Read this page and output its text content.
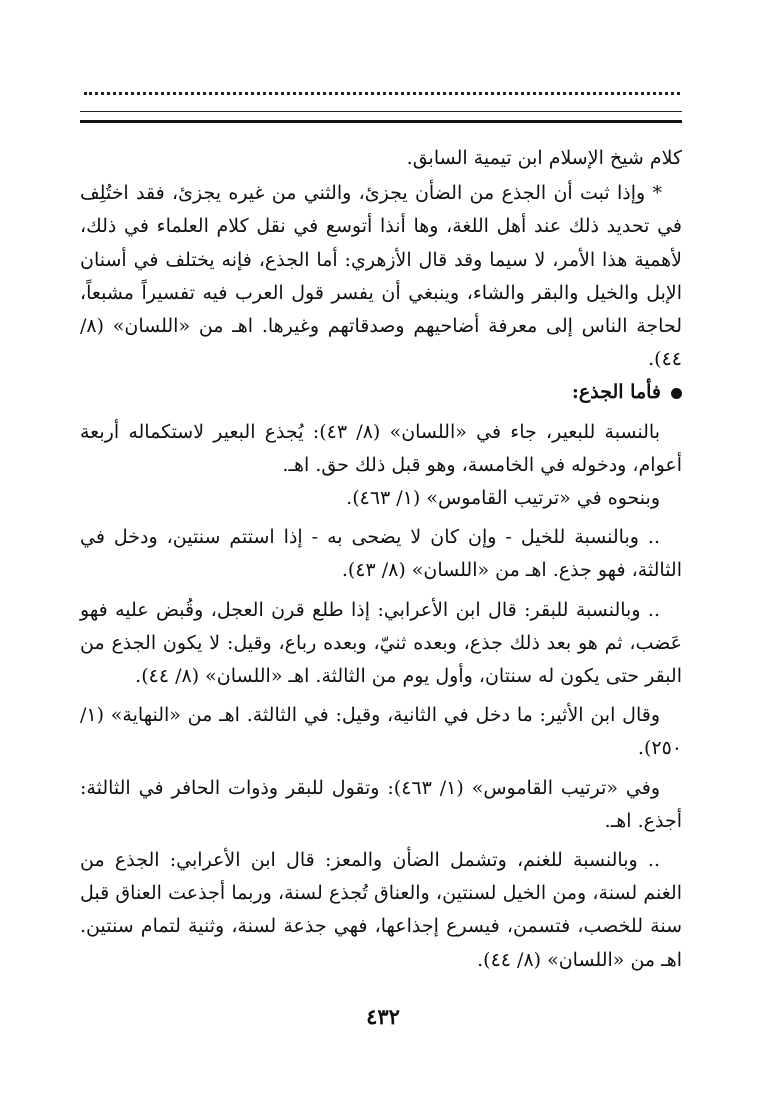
كلام شيخ الإسلام ابن تيمية السابق.

* وإذا ثبت أن الجذع من الضأن يجزئ، والثني من غيره يجزئ، فقد اختُلِف في تحديد ذلك عند أهل اللغة، وها أنذا أتوسع في نقل كلام العلماء في ذلك، لأهمية هذا الأمر، لا سيما وقد قال الأزهري: أما الجذع، فإنه يختلف في أسنان الإبل والخيل والبقر والشاء، وينبغي أن يفسر قول العرب فيه تفسيراً مشبعاً، لحاجة الناس إلى معرفة أضاحيهم وصدقاتهم وغيرها. اهـ من «اللسان» (٨/ ٤٤).

فأما الجذع:

بالنسبة للبعير، جاء في «اللسان» (٨/ ٤٣): يُجذع البعير لاستكماله أربعة أعوام، ودخوله في الخامسة، وهو قبل ذلك حق. اهـ.

وبنحوه في «ترتيب القاموس» (١/ ٤٦٣).

.. وبالنسبة للخيل - وإن كان لا يضحى به - إذا استتم سنتين، ودخل في الثالثة، فهو جذع. اهـ من «اللسان» (٨/ ٤٣).

.. وبالنسبة للبقر: قال ابن الأعرابي: إذا طلع قرن العجل، وقُبض عليه فهو عَضب، ثم هو بعد ذلك جذع، وبعده ثنيّ، وبعده رباع، وقيل: لا يكون الجذع من البقر حتى يكون له سنتان، وأول يوم من الثالثة. اهـ «اللسان» (٨/ ٤٤).

وقال ابن الأثير: ما دخل في الثانية، وقيل: في الثالثة. اهـ من «النهاية» (١/ ٢٥٠).

وفي «ترتيب القاموس» (١/ ٤٦٣): وتقول للبقر وذوات الحافر في الثالثة: أجذع. اهـ.

.. وبالنسبة للغنم، وتشمل الضأن والمعز: قال ابن الأعرابي: الجذع من الغنم لسنة، ومن الخيل لسنتين، والعناق تُجذع لسنة، وربما أجذعت العناق قبل سنة للخصب، فتسمن، فيسرع إجذاعها، فهي جذعة لسنة، وثنية لتمام سنتين. اهـ من «اللسان» (٨/ ٤٤).

٤٣٢
